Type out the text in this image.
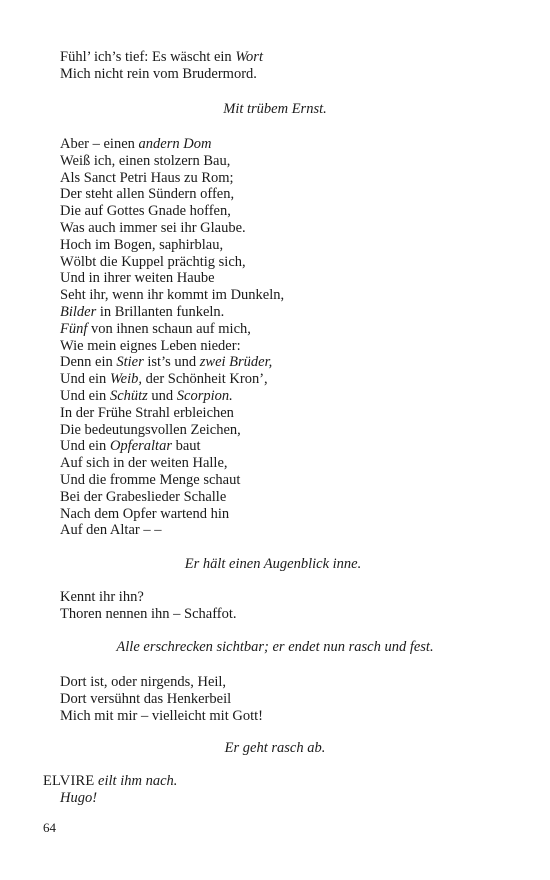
Fühl’ ich’s tief: Es wäscht ein Wort
Mich nicht rein vom Brudermord.
Mit trübem Ernst.
Aber – einen andern Dom
Weiß ich, einen stolzern Bau,
Als Sanct Petri Haus zu Rom;
Der steht allen Sündern offen,
Die auf Gottes Gnade hoffen,
Was auch immer sei ihr Glaube.
Hoch im Bogen, saphirblau,
Wölbt die Kuppel prächtig sich,
Und in ihrer weiten Haube
Seht ihr, wenn ihr kommt im Dunkeln,
Bilder in Brillanten funkeln.
Fünf von ihnen schaun auf mich,
Wie mein eignes Leben nieder:
Denn ein Stier ist’s und zwei Brüder,
Und ein Weib, der Schönheit Kron’,
Und ein Schütz und Scorpion.
In der Frühe Strahl erbleichen
Die bedeutungsvollen Zeichen,
Und ein Opferaltar baut
Auf sich in der weiten Halle,
Und die fromme Menge schaut
Bei der Grabeslieder Schalle
Nach dem Opfer wartend hin
Auf den Altar – –
Er hält einen Augenblick inne.
Kennt ihr ihn?
Thoren nennen ihn – Schaffot.
Alle erschrecken sichtbar; er endet nun rasch und fest.
Dort ist, oder nirgends, Heil,
Dort versühnt das Henkerbeil
Mich mit mir – vielleicht mit Gott!
Er geht rasch ab.
ELVIRE eilt ihm nach.
Hugo!
64
